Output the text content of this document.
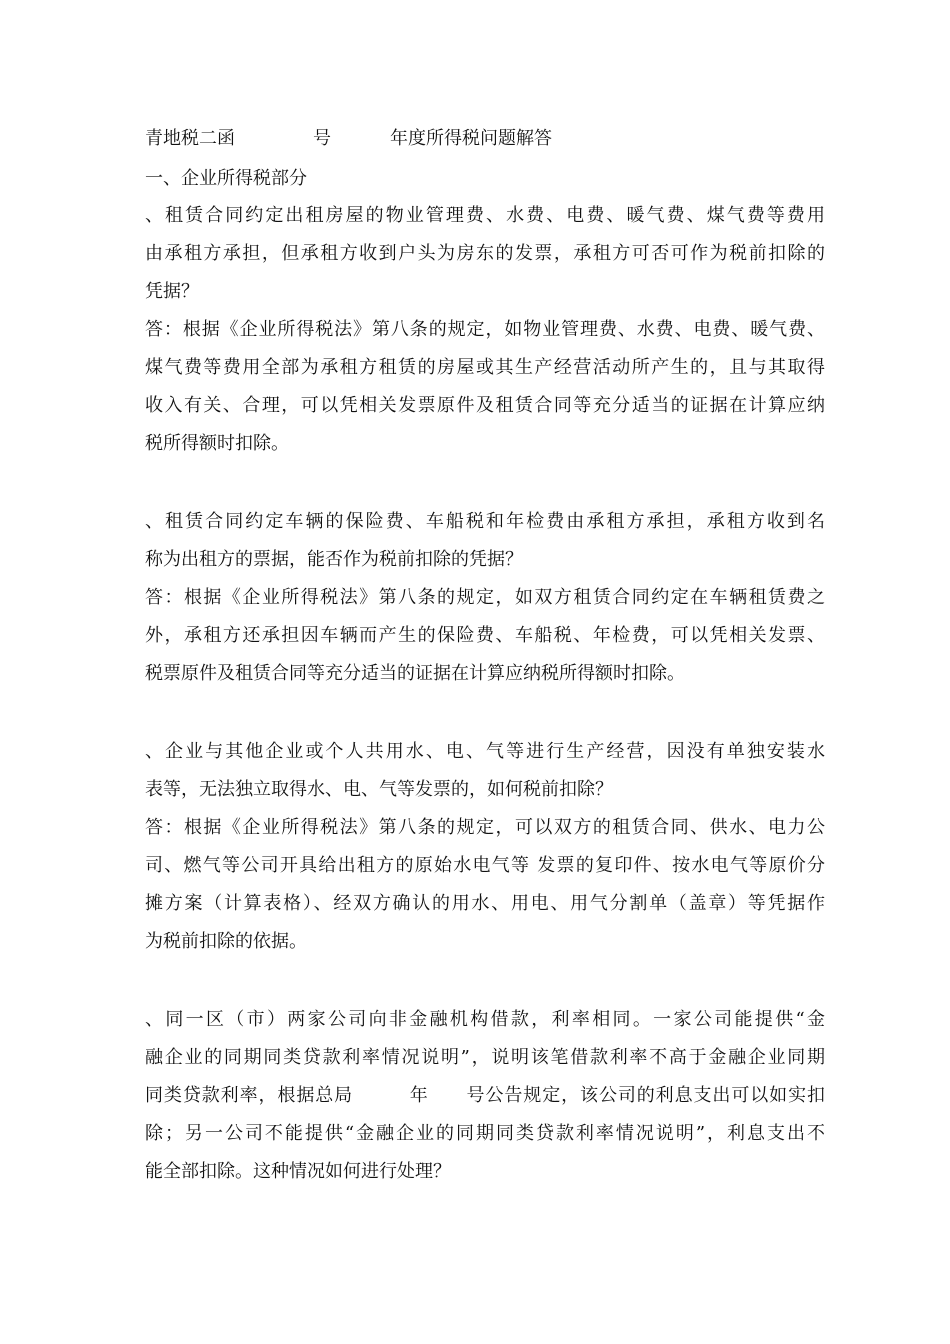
青地税二函	号	年度所得税问题解答
一、企业所得税部分
、租赁合同约定出租房屋的物业管理费、水费、电费、暖气费、煤气费等费用
由承租方承担，但承租方收到户头为房东的发票，承租方可否可作为税前扣除的
凭据？
答：根据《企业所得税法》第八条的规定，如物业管理费、水费、电费、暖气费、
煤气费等费用全部为承租方租赁的房屋或其生产经营活动所产生的，且与其取得
收入有关、合理，可以凭相关发票原件及租赁合同等充分适当的证据在计算应纳
税所得额时扣除。
、租赁合同约定车辆的保险费、车船税和年检费由承租方承担，承租方收到名
称为出租方的票据，能否作为税前扣除的凭据？
答：根据《企业所得税法》第八条的规定，如双方租赁合同约定在车辆租赁费之
外，承租方还承担因车辆而产生的保险费、车船税、年检费，可以凭相关发票、
税票原件及租赁合同等充分适当的证据在计算应纳税所得额时扣除。
、企业与其他企业或个人共用水、电、气等进行生产经营，因没有单独安装水
表等，无法独立取得水、电、气等发票的，如何税前扣除？
答：根据《企业所得税法》第八条的规定，可以双方的租赁合同、供水、电力公
司、燃气等公司开具给出租方的原始水电气等 发票的复印件、按水电气等原价分
摊方案（计算表格）、经双方确认的用水、用电、用气分割单（盖章）等凭据作
为税前扣除的依据。
、同一区（市）两家公司向非金融机构借款，利率相同。一家公司能提供“金
融企业的同期同类贷款利率情况说明”，说明该笔借款利率不高于金融企业同期
同类贷款利率，根据总局　　　年　　号公告规定，该公司的利息支出可以如实扣
除；另一公司不能提供“金融企业的同期同类贷款利率情况说明”，利息支出不
能全部扣除。这种情况如何进行处理？
